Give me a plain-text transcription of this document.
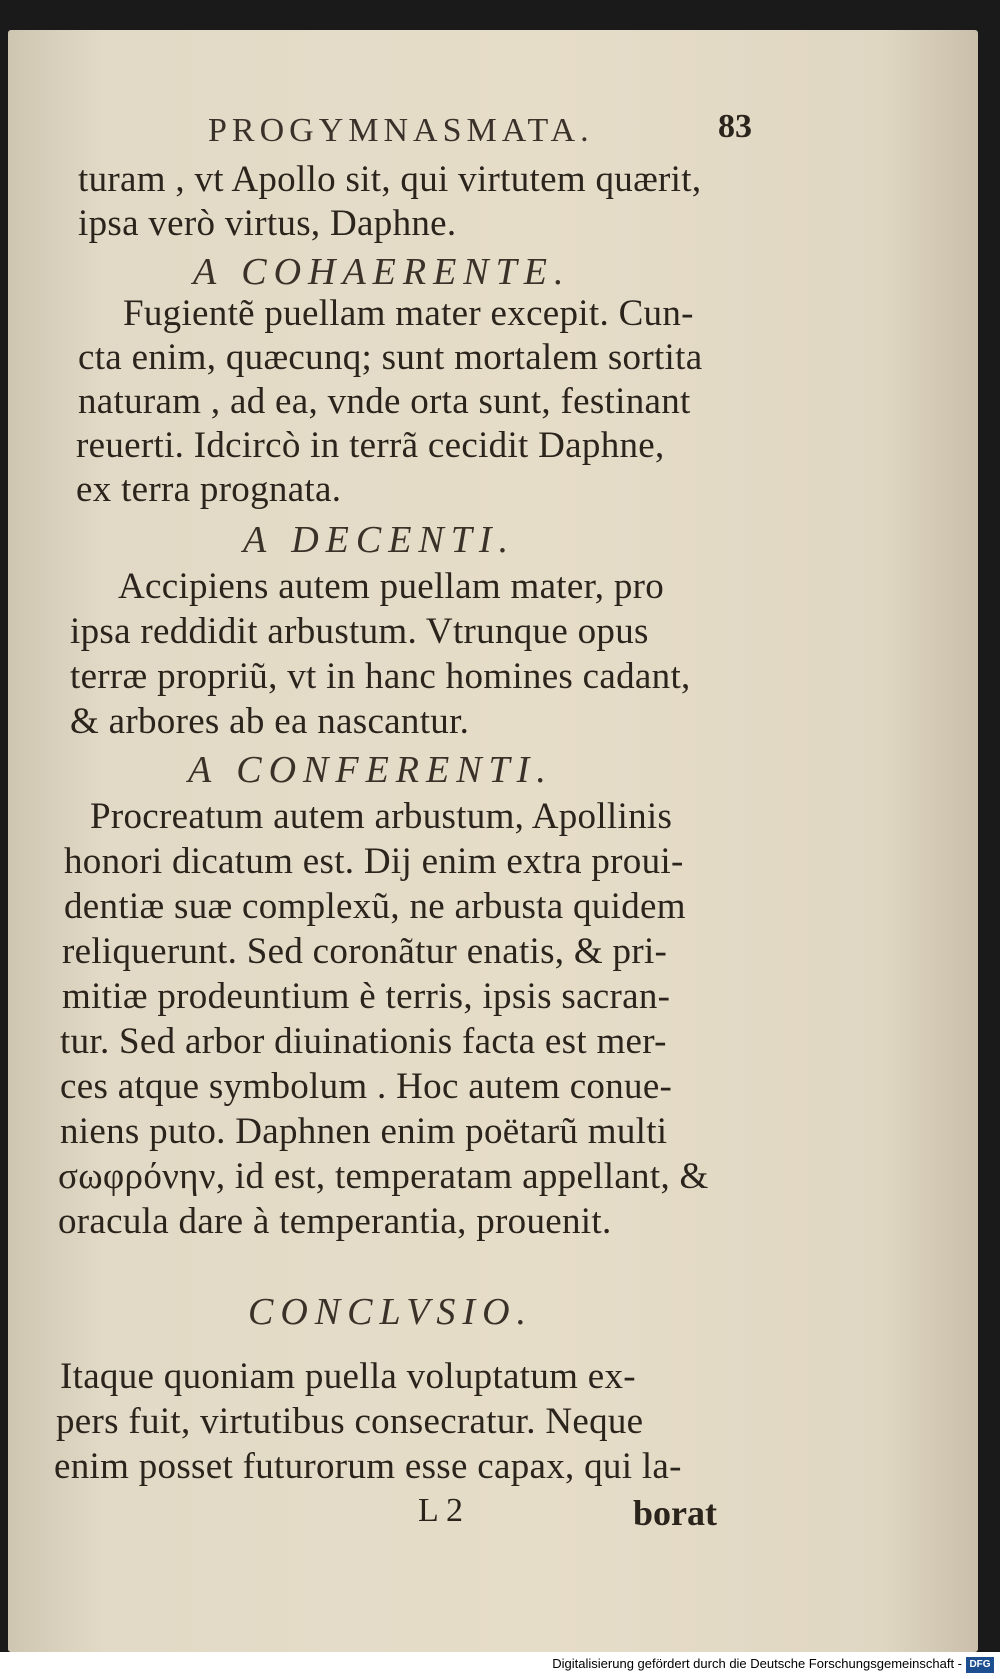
PROGYMNASMATA.	83
turam , vt Apollo sit, qui virtutem quærit,
ipsa verò virtus, Daphne.
A COHAERENTE.
Fugientẽ puellam mater excepit. Cun-
cta enim, quæcunq; sunt mortalem sortita
naturam , ad ea, vnde orta sunt, festinant
reuerti. Idcircò in terrã cecidit Daphne,
ex terra prognata.
A DECENTI.
Accipiens autem puellam mater, pro
ipsa reddidit arbustum. Vtrunque opus
terræ propriũ, vt in hanc homines cadant,
& arbores ab ea nascantur.
A CONFERENTI.
Procreatum autem arbustum, Apollinis
honori dicatum est. Dij enim extra proui-
dentiæ suæ complexũ, ne arbusta quidem
reliquerunt. Sed coronãtur enatis, & pri-
mitiæ prodeuntium è terris, ipsis sacran-
tur. Sed arbor diuinationis facta est mer-
ces atque symbolum . Hoc autem conue-
niens puto. Daphnen enim poëtarũ multi
σωφρόνην, id est, temperatam appellant, &
oracula dare à temperantia, prouenit.
CONCLVSIO.
Itaque quoniam puella voluptatum ex-
pers fuit, virtutibus consecratur. Neque
enim posset futurorum esse capax, qui la-
L 2	borat
Digitalisierung gefördert durch die Deutsche Forschungsgemeinschaft - DFG
